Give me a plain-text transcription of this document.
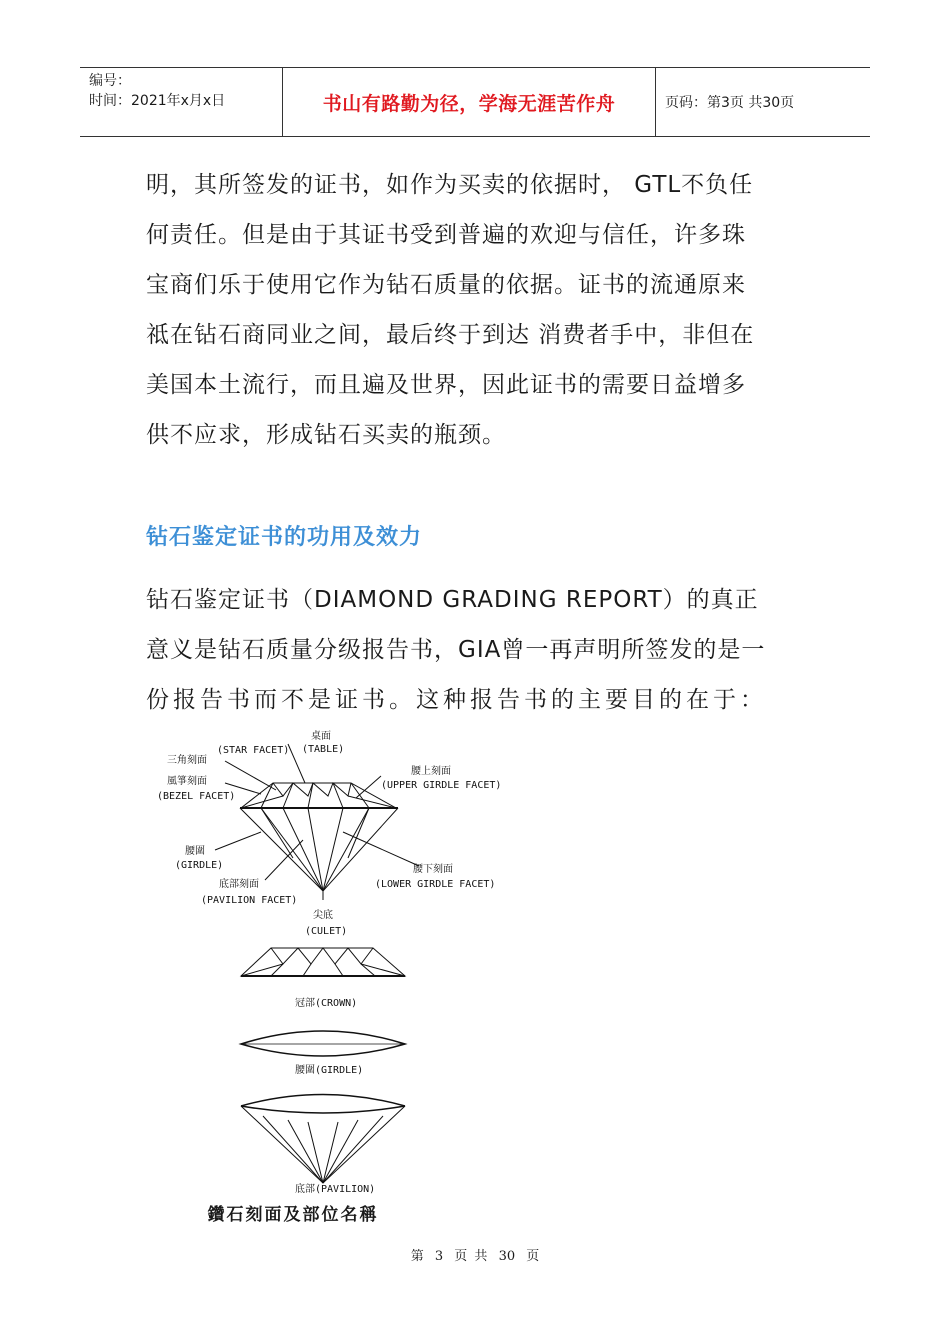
编号：
时间：2021年x月x日	书山有路勤为径，学海无涯苦作舟	页码：第3页 共30页
明，其所签发的证书，如作为买卖的依据时， GTL不负任
何责任。但是由于其证书受到普遍的欢迎与信任，许多珠
宝商们乐于使用它作为钻石质量的依据。证书的流通原来
祗在钻石商同业之间，最后终于到达 消费者手中，非但在
美国本土流行，而且遍及世界，因此证书的需要日益增多
供不应求，形成钻石买卖的瓶颈。
钻石鉴定证书的功用及效力
钻石鉴定证书（DIAMOND GRADING REPORT）的真正
意义是钻石质量分级报告书，GIA曾一再声明所签发的是一
份报告书而不是证书。这种报告书的主要目的在于：
桌面
(TABLE)
(STAR FACET)
三角刻面
風箏刻面
(BEZEL FACET)
腰上刻面
(UPPER GIRDLE FACET)
腰圍
(GIRDLE)	腰下刻面
(LOWER GIRDLE FACET)
底部刻面
(PAVILION FACET)
尖底
(CULET)
冠部(CROWN)
腰圍(GIRDLE)
底部(PAVILION)
鑽石刻面及部位名稱
第 3 页 共 30 页
